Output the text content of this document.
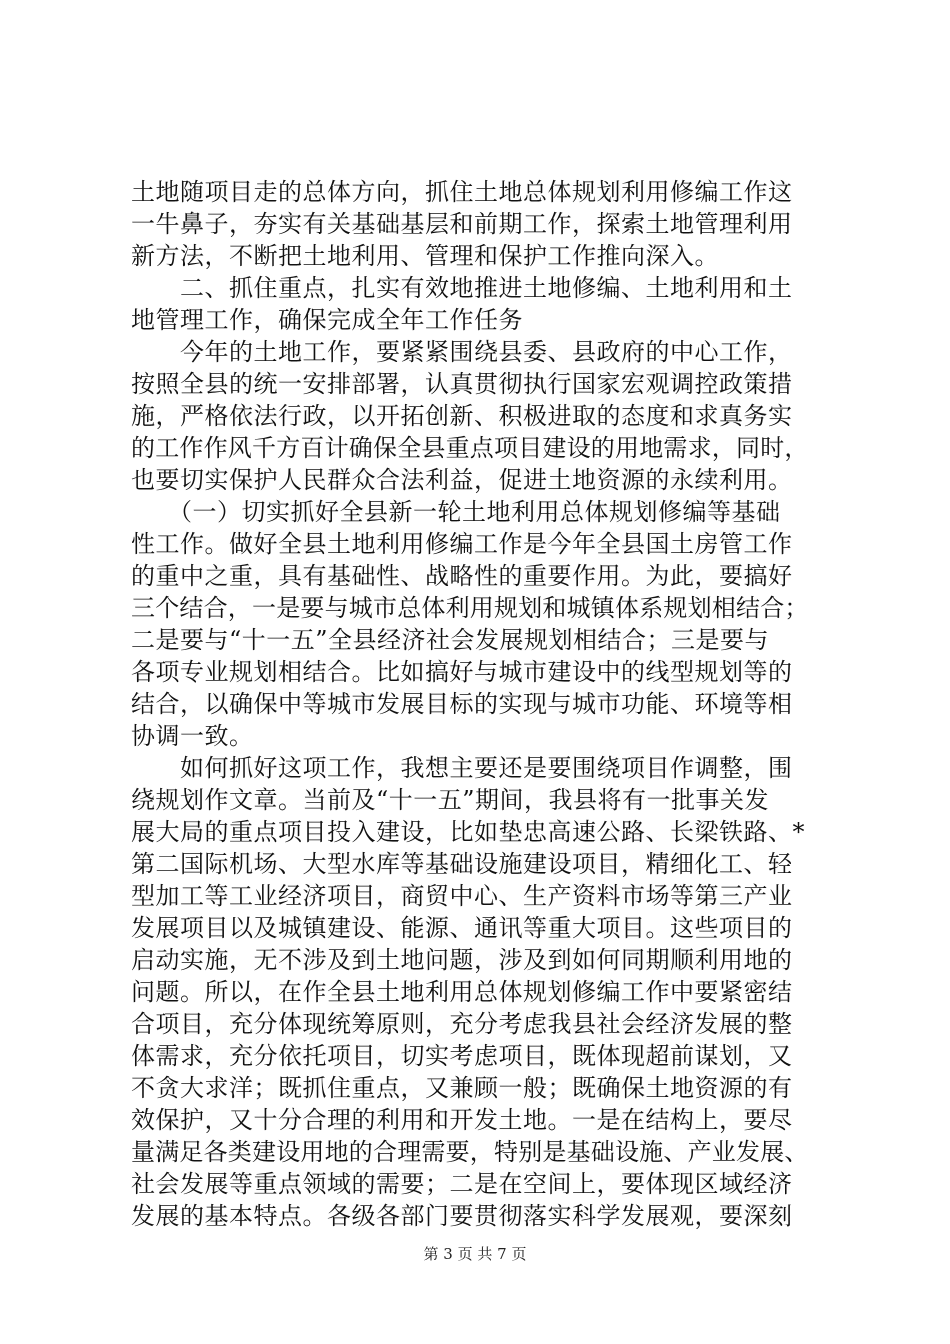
土地随项目走的总体方向，抓住土地总体规划利用修编工作这
一牛鼻子，夯实有关基础基层和前期工作，探索土地管理利用
新方法，不断把土地利用、管理和保护工作推向深入。
　　二、抓住重点，扎实有效地推进土地修编、土地利用和土
地管理工作，确保完成全年工作任务
　　今年的土地工作，要紧紧围绕县委、县政府的中心工作，
按照全县的统一安排部署，认真贯彻执行国家宏观调控政策措
施，严格依法行政，以开拓创新、积极进取的态度和求真务实
的工作作风千方百计确保全县重点项目建设的用地需求，同时，
也要切实保护人民群众合法利益，促进土地资源的永续利用。
　　（一）切实抓好全县新一轮土地利用总体规划修编等基础
性工作。做好全县土地利用修编工作是今年全县国土房管工作
的重中之重，具有基础性、战略性的重要作用。为此，要搞好
三个结合，一是要与城市总体利用规划和城镇体系规划相结合；
二是要与“十一五”全县经济社会发展规划相结合；三是要与
各项专业规划相结合。比如搞好与城市建设中的线型规划等的
结合，以确保中等城市发展目标的实现与城市功能、环境等相
协调一致。
　　如何抓好这项工作，我想主要还是要围绕项目作调整，围
绕规划作文章。当前及“十一五”期间，我县将有一批事关发
展大局的重点项目投入建设，比如垫忠高速公路、长梁铁路、*
第二国际机场、大型水库等基础设施建设项目，精细化工、轻
型加工等工业经济项目，商贸中心、生产资料市场等第三产业
发展项目以及城镇建设、能源、通讯等重大项目。这些项目的
启动实施，无不涉及到土地问题，涉及到如何同期顺利用地的
问题。所以，在作全县土地利用总体规划修编工作中要紧密结
合项目，充分体现统筹原则，充分考虑我县社会经济发展的整
体需求，充分依托项目，切实考虑项目，既体现超前谋划，又
不贪大求洋；既抓住重点，又兼顾一般；既确保土地资源的有
效保护，又十分合理的利用和开发土地。一是在结构上，要尽
量满足各类建设用地的合理需要，特别是基础设施、产业发展、
社会发展等重点领域的需要；二是在空间上，要体现区域经济
发展的基本特点。各级各部门要贯彻落实科学发展观，要深刻
第 3 页 共 7 页
